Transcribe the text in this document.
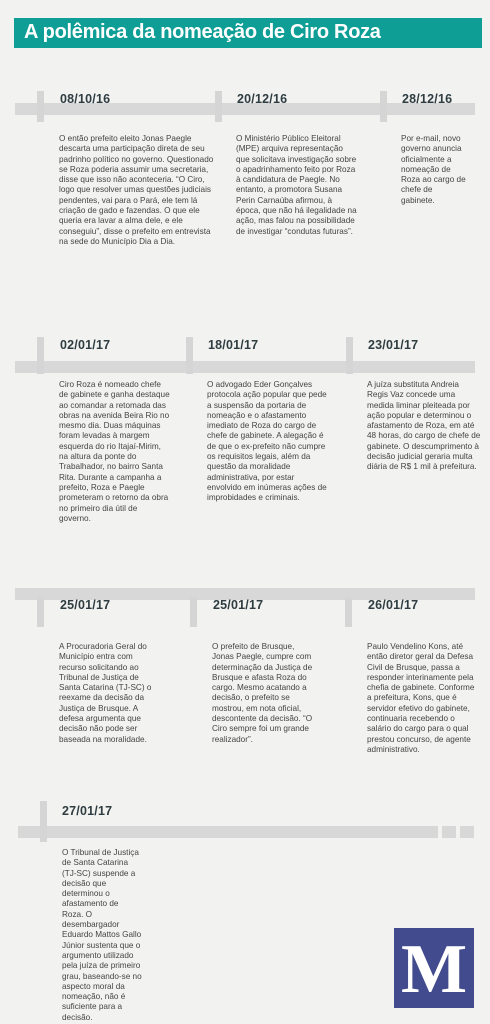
A polêmica da nomeação de Ciro Roza
08/10/16
O então prefeito eleito Jonas Paegle descarta uma participação direta de seu padrinho político no governo. Questionado se Roza poderia assumir uma secretaria, disse que isso não aconteceria. “O Ciro, logo que resolver umas questões judiciais pendentes, vai para o Pará, ele tem lá criação de gado e fazendas. O que ele queria era lavar a alma dele, e ele conseguiu”, disse o prefeito em entrevista na sede do Município Dia a Dia.
20/12/16
O Ministério Público Eleitoral (MPE) arquiva representação que solicitava investigação sobre o apadrinhamento feito por Roza à candidatura de Paegle. No entanto, a promotora Susana Perin Carnaúba afirmou, à época, que não há ilegalidade na ação, mas falou na possibilidade de investigar “condutas futuras”.
28/12/16
Por e-mail, novo governo anuncia oficialmente a nomeação de Roza ao cargo de chefe de gabinete.
02/01/17
Ciro Roza é nomeado chefe de gabinete e ganha destaque ao comandar a retomada das obras na avenida Beira Rio no mesmo dia. Duas máquinas foram levadas à margem esquerda do rio Itajaí-Mirim, na altura da ponte do Trabalhador, no bairro Santa Rita. Durante a campanha a prefeito, Roza e Paegle prometeram o retorno da obra no primeiro dia útil de governo.
18/01/17
O advogado Eder Gonçalves protocola ação popular que pede a suspensão da portaria de nomeação e o afastamento imediato de Roza do cargo de chefe de gabinete. A alegação é de que o ex-prefeito não cumpre os requisitos legais, além da questão da moralidade administrativa, por estar envolvido em inúmeras ações de improbidades e criminais.
23/01/17
A juíza substituta Andreia Regis Vaz concede uma medida liminar pleiteada por ação popular e determinou o afastamento de Roza, em até 48 horas, do cargo de chefe de gabinete. O descumprimento à decisão judicial geraria multa diária de R$ 1 mil à prefeitura.
25/01/17
A Procuradoria Geral do Município entra com recurso solicitando ao Tribunal de Justiça de Santa Catarina (TJ-SC) o reexame da decisão da Justiça de Brusque. A defesa argumenta que decisão não pode ser baseada na moralidade.
25/01/17
O prefeito de Brusque, Jonas Paegle, cumpre com determinação da Justiça de Brusque e afasta Roza do cargo. Mesmo acatando a decisão, o prefeito se mostrou, em nota oficial, descontente da decisão. “O Ciro sempre foi um grande realizador”.
26/01/17
Paulo Vendelino Kons, até então diretor geral da Defesa Civil de Brusque, passa a responder interinamente pela chefia de gabinete. Conforme a prefeitura, Kons, que é servidor efetivo do gabinete, continuaria recebendo o salário do cargo para o qual prestou concurso, de agente administrativo.
27/01/17
O Tribunal de Justiça de Santa Catarina (TJ-SC) suspende a decisão que determinou o afastamento de Roza. O desembargador Eduardo Mattos Gallo Júnior sustenta que o argumento utilizado pela juíza de primeiro grau, baseando-se no aspecto moral da nomeação, não é suficiente para a decisão.
M
